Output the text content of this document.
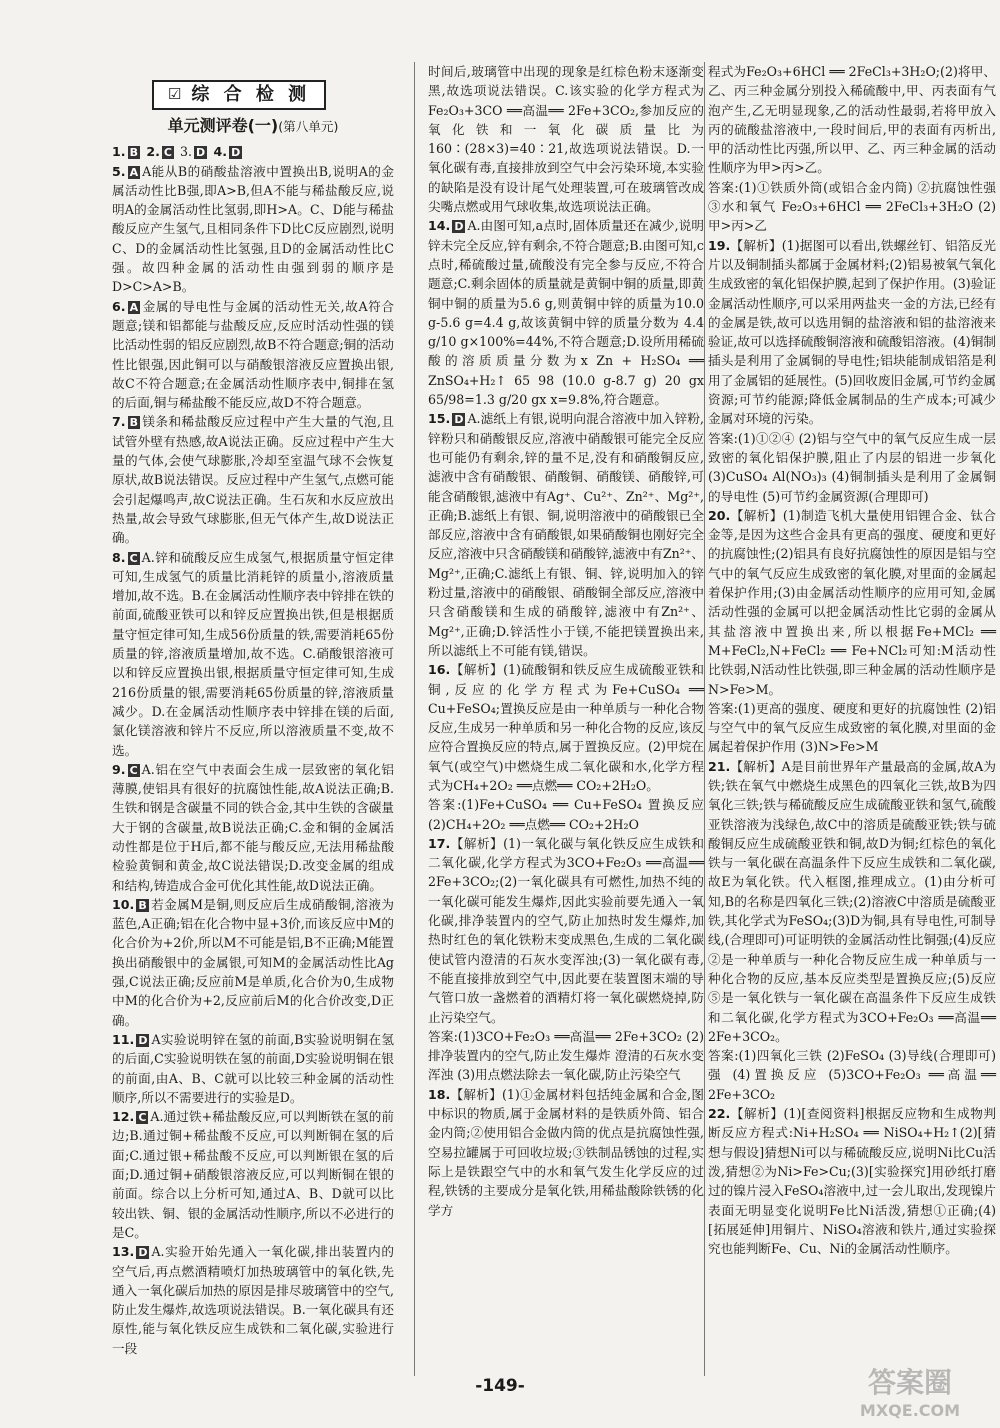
☑ 综 合 检 测
单元测评卷(一)(第八单元)

1. B 2. C 3. D 4. D

5. A A能从B的硝酸盐溶液中置换出B,说明A的金属活动性比B强,即A>B,但A不能与稀盐酸反应,说明A的金属活动性比氢弱,即H>A。C、D能与稀盐酸反应产生氢气,且相同条件下D比C反应剧烈,说明C、D的金属活动性比氢强,且D的金属活动性比C强。故四种金属的活动性由强到弱的顺序是D>C>A>B。

6. A 金属的导电性与金属的活动性无关,故A符合题意;镁和铝都能与盐酸反应,反应时活动性强的镁比活动性弱的铝反应剧烈,故B不符合题意;铜的活动性比银强,因此铜可以与硝酸银溶液反应置换出银,故C不符合题意;在金属活动性顺序表中,铜排在氢的后面,铜与稀盐酸不能反应,故D不符合题意。

7. B 镁条和稀盐酸反应过程中产生大量的气泡,且试管外壁有热感,故A说法正确。反应过程中产生大量的气体,会使气球膨胀,冷却至室温气球不会恢复原状,故B说法错误。反应过程中产生氢气,点燃可能会引起爆鸣声,故C说法正确。生石灰和水反应放出热量,故会导致气球膨胀,但无气体产生,故D说法正确。

8. C A.锌和硫酸反应生成氢气,根据质量守恒定律可知,生成氢气的质量比消耗锌的质量小,溶液质量增加,故不选。B.在金属活动性顺序表中锌排在铁的前面,硫酸亚铁可以和锌反应置换出铁,但是根据质量守恒定律可知,生成56份质量的铁,需要消耗65份质量的锌,溶液质量增加,故不选。C.硝酸银溶液可以和锌反应置换出银,根据质量守恒定律可知,生成216份质量的银,需要消耗65份质量的锌,溶液质量减少。D.在金属活动性顺序表中锌排在镁的后面,氯化镁溶液和锌片不反应,所以溶液质量不变,故不选。

9. C A.铝在空气中表面会生成一层致密的氧化铝薄膜,使铝具有很好的抗腐蚀性能,故A说法正确;B.生铁和钢是含碳量不同的铁合金,其中生铁的含碳量大于钢的含碳量,故B说法正确;C.金和铜的金属活动性都是位于H后,都不能与酸反应,无法用稀盐酸检验黄铜和黄金,故C说法错误;D.改变金属的组成和结构,铸造成合金可优化其性能,故D说法正确。

10. B 若金属M是铜,则反应后生成硝酸铜,溶液为蓝色,A正确;铝在化合物中显+3价,而该反应中M的化合价为+2价,所以M不可能是铝,B不正确;M能置换出硝酸银中的金属银,可知M的金属活动性比Ag强,C说法正确;反应前M是单质,化合价为0,生成物中M的化合价为+2,反应前后M的化合价改变,D正确。

11. D A实验说明锌在氢的前面,B实验说明铜在氢的后面,C实验说明铁在氢的前面,D实验说明铜在银的前面,由A、B、C就可以比较三种金属的活动性顺序,所以不需要进行的实验是D。

12. C A.通过铁+稀盐酸反应,可以判断铁在氢的前边;B.通过铜+稀盐酸不反应,可以判断铜在氢的后面;C.通过银+稀盐酸不反应,可以判断银在氢的后面;D.通过铜+硝酸银溶液反应,可以判断铜在银的前面。综合以上分析可知,通过A、B、D就可以比较出铁、铜、银的金属活动性顺序,所以不必进行的是C。

13. D A.实验开始先通入一氧化碳,排出装置内的空气后,再点燃酒精喷灯加热玻璃管中的氧化铁,先通入一氧化碳后加热的原因是排尽玻璃管中的空气,防止发生爆炸,故选项说法错误。B.一氧化碳具有还原性,能与氧化铁反应生成铁和二氧化碳,实验进行一段

时间后,玻璃管中出现的现象是红棕色粉末逐渐变黑,故选项说法错误。C.该实验的化学方程式为Fe₂O₃+3CO ══高温══ 2Fe+3CO₂,参加反应的氧化铁和一氧化碳质量比为160∶(28×3)=40∶21,故选项说法错误。D.一氧化碳有毒,直接排放到空气中会污染环境,本实验的缺陷是没有设计尾气处理装置,可在玻璃管改成尖嘴点燃或用气球收集,故选项说法正确。

14. D A.由图可知,a点时,固体质量还在减少,说明锌未完全反应,锌有剩余,不符合题意;B.由图可知,c点时,稀硫酸过量,硫酸没有完全参与反应,不符合题意;C.剩余固体的质量就是黄铜中铜的质量,即黄铜中铜的质量为5.6 g,则黄铜中锌的质量为10.0 g-5.6 g=4.4 g,故该黄铜中锌的质量分数为 4.4 g/10 g×100%=44%,不符合题意;D.设所用稀硫酸的溶质质量分数为x Zn + H₂SO₄ ══ ZnSO₄+H₂↑ 65 98 (10.0 g-8.7 g) 20 gx 65/98=1.3 g/20 gx x=9.8%,符合题意。

15. D A.滤纸上有银,说明向混合溶液中加入锌粉,锌粉只和硝酸银反应,溶液中硝酸银可能完全反应也可能仍有剩余,锌的量不足,没有和硝酸铜反应,滤液中含有硝酸银、硝酸铜、硝酸镁、硝酸锌,可能含硝酸银,滤液中有Ag⁺、Cu²⁺、Zn²⁺、Mg²⁺,正确;B.滤纸上有银、铜,说明溶液中的硝酸银已全部反应,溶液中含有硝酸银,如果硝酸铜也刚好完全反应,溶液中只含硝酸镁和硝酸锌,滤液中有Zn²⁺、Mg²⁺,正确;C.滤纸上有银、铜、锌,说明加入的锌粉过量,溶液中的硝酸银、硝酸铜全部反应,溶液中只含硝酸镁和生成的硝酸锌,滤液中有Zn²⁺、Mg²⁺,正确;D.锌活性小于镁,不能把镁置换出来,所以滤纸上不可能有镁,错误。

16.【解析】(1)硫酸铜和铁反应生成硫酸亚铁和铜,反应的化学方程式为Fe+CuSO₄ ══ Cu+FeSO₄;置换反应是由一种单质与一种化合物反应,生成另一种单质和另一种化合物的反应,该反应符合置换反应的特点,属于置换反应。(2)甲烷在氧气(或空气)中燃烧生成二氧化碳和水,化学方程式为CH₄+2O₂ ══点燃══ CO₂+2H₂O。

答案:(1)Fe+CuSO₄ ══ Cu+FeSO₄ 置换反应 (2)CH₄+2O₂ ══点燃══ CO₂+2H₂O

17.【解析】(1)一氧化碳与氧化铁反应生成铁和二氧化碳,化学方程式为3CO+Fe₂O₃ ══高温══ 2Fe+3CO₂;(2)一氧化碳具有可燃性,加热不纯的一氧化碳可能发生爆炸,因此实验前要先通入一氧化碳,排净装置内的空气,防止加热时发生爆炸,加热时红色的氧化铁粉末变成黑色,生成的二氧化碳使试管内澄清的石灰水变浑浊;(3)一氧化碳有毒,不能直接排放到空气中,因此要在装置图末端的导气管口放一盏燃着的酒精灯将一氧化碳燃烧掉,防止污染空气。

答案:(1)3CO+Fe₂O₃ ══高温══ 2Fe+3CO₂ (2)排净装置内的空气,防止发生爆炸 澄清的石灰水变浑浊 (3)用点燃法除去一氧化碳,防止污染空气

18.【解析】(1)①金属材料包括纯金属和合金,图中标识的物质,属于金属材料的是铁质外筒、铝合金内筒;②使用铝合金做内筒的优点是抗腐蚀性强,空易拉罐属于可回收垃圾;③铁制品锈蚀的过程,实际上是铁跟空气中的水和氧气发生化学反应的过程,铁锈的主要成分是氧化铁,用稀盐酸除铁锈的化学方

程式为Fe₂O₃+6HCl ══ 2FeCl₃+3H₂O;(2)将甲、乙、丙三种金属分别投入稀硫酸中,甲、丙表面有气泡产生,乙无明显现象,乙的活动性最弱,若将甲放入丙的硫酸盐溶液中,一段时间后,甲的表面有丙析出,甲的活动性比丙强,所以甲、乙、丙三种金属的活动性顺序为甲>丙>乙。

答案:(1)①铁质外筒(或铝合金内筒) ②抗腐蚀性强 ③水和氧气 Fe₂O₃+6HCl ══ 2FeCl₃+3H₂O (2)甲>丙>乙

19.【解析】(1)据图可以看出,铁螺丝钉、铝箔反光片以及铜制插头都属于金属材料;(2)铝易被氧气氧化生成致密的氧化铝保护膜,起到了保护作用。(3)验证金属活动性顺序,可以采用两盐夹一金的方法,已经有的金属是铁,故可以选用铜的盐溶液和铝的盐溶液来验证,故可以选择硫酸铜溶液和硫酸铝溶液。(4)铜制插头是利用了金属铜的导电性;铝块能制成铝箔是利用了金属铝的延展性。(5)回收废旧金属,可节约金属资源;可节约能源;降低金属制品的生产成本;可减少金属对环境的污染。

答案:(1)①②④ (2)铝与空气中的氧气反应生成一层致密的氧化铝保护膜,阻止了内层的铝进一步氧化 (3)CuSO₄ Al(NO₃)₃ (4)铜制插头是利用了金属铜的导电性 (5)可节约金属资源(合理即可)

20.【解析】(1)制造飞机大量使用铝锂合金、钛合金等,是因为这些合金具有更高的强度、硬度和更好的抗腐蚀性;(2)铝具有良好抗腐蚀性的原因是铝与空气中的氧气反应生成致密的氧化膜,对里面的金属起着保护作用;(3)由金属活动性顺序的应用可知,金属活动性强的金属可以把金属活动性比它弱的金属从其盐溶液中置换出来,所以根据Fe+MCl₂ ══ M+FeCl₂,N+FeCl₂ ══ Fe+NCl₂可知:M活动性比铁弱,N活动性比铁强,即三种金属的活动性顺序是N>Fe>M。

答案:(1)更高的强度、硬度和更好的抗腐蚀性 (2)铝与空气中的氧气反应生成致密的氧化膜,对里面的金属起着保护作用 (3)N>Fe>M

21.【解析】A是目前世界年产量最高的金属,故A为铁;铁在氧气中燃烧生成黑色的四氧化三铁,故B为四氧化三铁;铁与稀硫酸反应生成硫酸亚铁和氢气,硫酸亚铁溶液为浅绿色,故C中的溶质是硫酸亚铁;铁与硫酸铜反应生成硫酸亚铁和铜,故D为铜;红棕色的氧化铁与一氧化碳在高温条件下反应生成铁和二氧化碳,故E为氧化铁。代入框图,推理成立。(1)由分析可知,B的名称是四氧化三铁;(2)溶液C中溶质是硫酸亚铁,其化学式为FeSO₄;(3)D为铜,具有导电性,可制导线,(合理即可)可证明铁的金属活动性比铜强;(4)反应②是一种单质与一种化合物反应生成一种单质与一种化合物的反应,基本反应类型是置换反应;(5)反应⑤是一氧化铁与一氧化碳在高温条件下反应生成铁和二氧化碳,化学方程式为3CO+Fe₂O₃ ══高温══ 2Fe+3CO₂。

答案:(1)四氧化三铁 (2)FeSO₄ (3)导线(合理即可) 强 (4)置换反应 (5)3CO+Fe₂O₃ ══高温══ 2Fe+3CO₂

22.【解析】(1)[查阅资料]根据反应物和生成物判断反应方程式:Ni+H₂SO₄ ══ NiSO₄+H₂↑(2)[猜想与假设]猜想Ni可以与稀硫酸反应,说明Ni比Cu活泼,猜想②为Ni>Fe>Cu;(3)[实验探究]用砂纸打磨过的镍片浸入FeSO₄溶液中,过一会儿取出,发现镍片表面无明显变化说明Fe比Ni活泼,猜想①正确;(4)[拓展延伸]用铜片、NiSO₄溶液和铁片,通过实验探究也能判断Fe、Cu、Ni的金属活动性顺序。

-149-	答案圈
MXQE.COM
